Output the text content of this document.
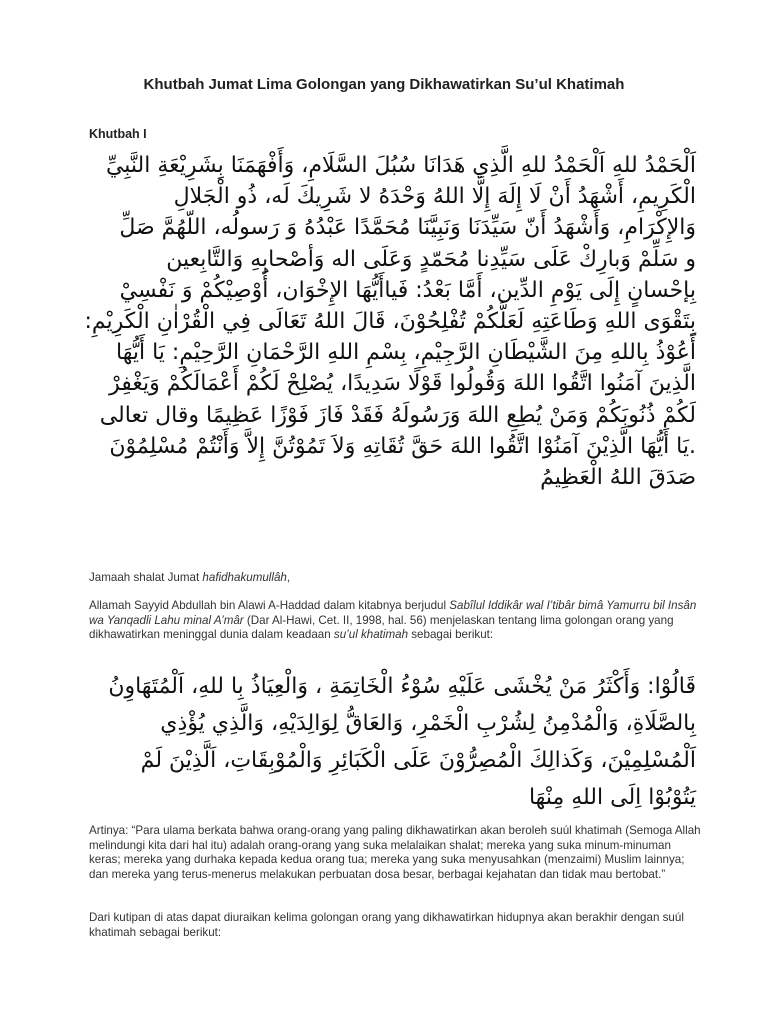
Khutbah Jumat Lima Golongan yang Dikhawatirkan Su’ul Khatimah
Khutbah I
اَلْحَمْدُ للهِ اَلْحَمْدُ للهِ الَّذِي هَدَانَا سُبُلَ السَّلَامِ، وَأَفْهَمَنَا بِشَرِيْعَةِ النَّبِيِّ
الْكَرِيمِ، أَشْهَدُ أَنْ لَا إِلَهَ إِلَّا اللهُ وَحْدَهُ لا شَرِيكَ لَه، ذُو الْجَلالِ
وَالإِكْرَامِ، وَأَشْهَدُ أَنّ سَيِّدَنَا وَنَبِيَّنَا مُحَمَّدًا عَبْدُهُ وَ رَسولُه، اللّهُمَّ صَلِّ
و سَلِّمْ وَبارِكْ عَلَى سَيِّدِنا مُحَمّدٍ وَعَلَى اله وَأصْحابِهِ وَالتَّابِعين
بِإحْسانٍ إِلَى يَوْمِ الدِّين، أَمَّا بَعْدُ: فَياأَيُّهَا الإِخْوَان، أُوْصِيْكُمْ وَ نَفْسِيْ
بِتَقْوَى اللهِ وَطَاعَتِهِ لَعَلَّكُمْ تُفْلِحُوْنَ، قَالَ اللهُ تَعَالَى فِي الْقُرْاٰنِ الْكَرِيْمِ:
أَعُوْذُ بِاللهِ مِنَ الشَّيْطَانِ الرَّجِيْمِ، بِسْمِ اللهِ الرَّحْمَانِ الرَّحِيْمِ: يَا أَيُّهَا
الَّذِينَ آمَنُوا اتَّقُوا اللهَ وَقُولُوا قَوْلًا سَدِيدًا، يُصْلِحْ لَكُمْ أَعْمَالَكُمْ وَيَغْفِرْ
لَكُمْ ذُنُوبَكُمْ وَمَنْ يُطِعِ اللهَ وَرَسُولَهُ فَقَدْ فَازَ فَوْزًا عَظِيمًا وقال تعالى
.يَا أَيُّهَا الَّذِيْنَ آمَنُوْا اتَّقُوا اللهَ حَقَّ تُقَاتِهِ وَلاَ تَمُوْتُنَّ إِلاَّ وَأَنْتُمْ مُسْلِمُوْنَ
صَدَقَ اللهُ الْعَظِيمُ
Jamaah shalat Jumat hafidhakumullâh,
Allamah Sayyid Abdullah bin Alawi A-Haddad dalam kitabnya berjudul Sabîlul Iddikâr wal I’tibâr bimâ Yamurru bil Insân wa Yanqadli Lahu minal A’mâr (Dar Al-Hawi, Cet. II, 1998, hal. 56) menjelaskan tentang lima golongan orang yang dikhawatirkan meninggal dunia dalam keadaan su’ul khatimah sebagai berikut:
قَالُوْا: وَأَكْثَرُ مَنْ يُخْشَى عَلَيْهِ سُوْءُ الْخَاتِمَةِ ، وَالْعِيَاذُ بِا للهِ، اَلْمُتَهَاوِنُ
بِالصَّلَاةِ، وَالْمُدْمِنُ لِشُرْبِ الْخَمْرِ، وَالعَاقُّ لِوَالِدَيْهِ، وَالَّذِي يُؤْذِي
اَلْمُسْلِمِيْنَ، وَكَذالِكَ الْمُصِرُّوْنَ عَلَى الْكَبَائِرِ وَالْمُوْبِقَاتِ، اَلَّذِيْنَ لَمْ
يَتُوْبُوْا اِلَى اللهِ مِنْهَا

Artinya: “Para ulama berkata bahwa orang-orang yang paling dikhawatirkan akan beroleh suúl khatimah (Semoga Allah melindungi kita dari hal itu) adalah orang-orang yang suka melalaikan shalat; mereka yang suka minum-minuman keras; mereka yang durhaka kepada kedua orang tua; mereka yang suka menyusahkan (menzaimi) Muslim lainnya; dan mereka yang terus-menerus melakukan perbuatan dosa besar, berbagai kejahatan dan tidak mau bertobat.”

Dari kutipan di atas dapat diuraikan kelima golongan orang yang dikhawatirkan hidupnya akan berakhir dengan suúl khatimah sebagai berikut:
